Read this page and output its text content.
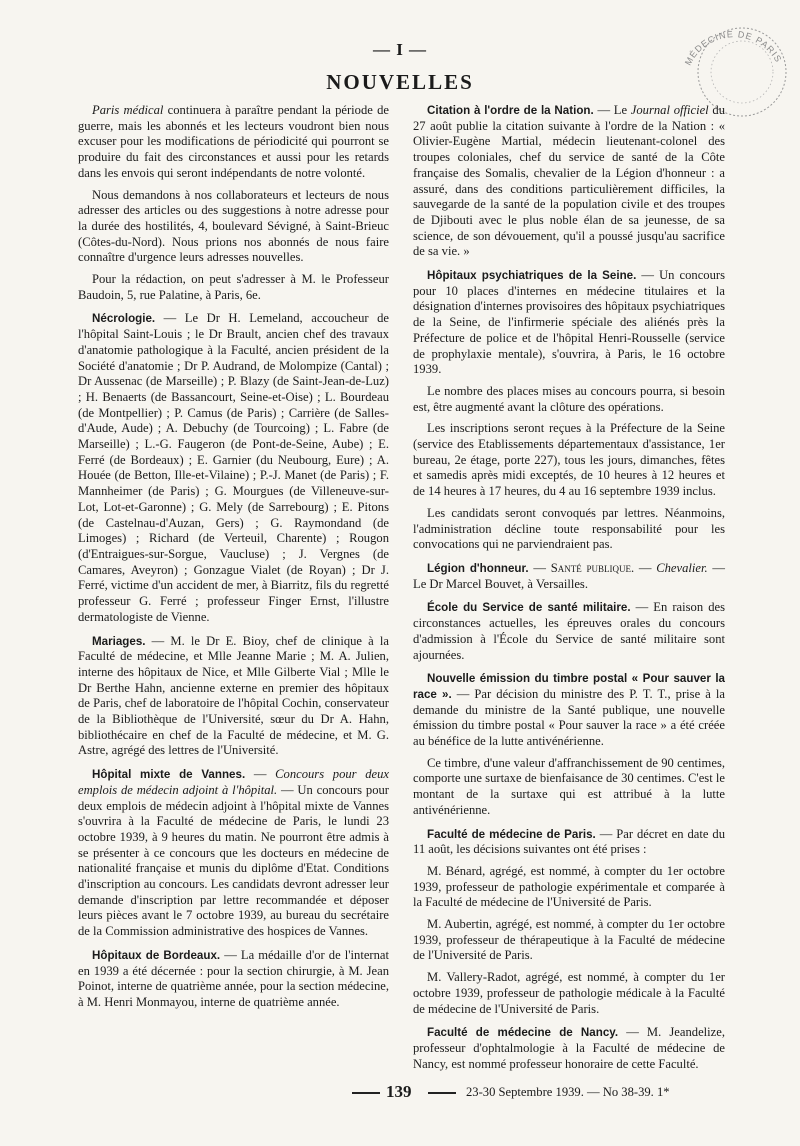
— I —
NOUVELLES
MÉDECINE DE PARIS

Paris médical continuera à paraître pendant la période de guerre, mais les abonnés et les lecteurs voudront bien nous excuser pour les modifications de périodicité qui pourront se produire du fait des circonstances et aussi pour les retards dans les envois qui seront indépendants de notre volonté.

Nous demandons à nos collaborateurs et lecteurs de nous adresser des articles ou des suggestions à notre adresse pour la durée des hostilités, 4, boulevard Sévigné, à Saint-Brieuc (Côtes-du-Nord). Nous prions nos abonnés de nous faire connaître d'urgence leurs adresses nouvelles.

Pour la rédaction, on peut s'adresser à M. le Professeur Baudoin, 5, rue Palatine, à Paris, 6e.

Nécrologie. — Le Dr H. Lemeland, accoucheur de l'hôpital Saint-Louis ; le Dr Brault, ancien chef des travaux d'anatomie pathologique à la Faculté, ancien président de la Société d'anatomie ; Dr P. Audrand, de Molompize (Cantal) ; Dr Aussenac (de Marseille) ; P. Blazy (de Saint-Jean-de-Luz) ; H. Benaerts (de Bassancourt, Seine-et-Oise) ; L. Bourdeau (de Montpellier) ; P. Camus (de Paris) ; Carrière (de Salles-d'Aude, Aude) ; A. Debuchy (de Tourcoing) ; L. Fabre (de Marseille) ; L.-G. Faugeron (de Pont-de-Seine, Aube) ; E. Ferré (de Bordeaux) ; E. Garnier (du Neubourg, Eure) ; A. Houée (de Betton, Ille-et-Vilaine) ; P.-J. Manet (de Paris) ; F. Mannheimer (de Paris) ; G. Mourgues (de Villeneuve-sur-Lot, Lot-et-Garonne) ; G. Mely (de Sarrebourg) ; E. Pitons (de Castelnau-d'Auzan, Gers) ; G. Raymondand (de Limoges) ; Richard (de Verteuil, Charente) ; Rougon (d'Entraigues-sur-Sorgue, Vaucluse) ; J. Vergnes (de Camares, Aveyron) ; Gonzague Vialet (de Royan) ; Dr J. Ferré, victime d'un accident de mer, à Biarritz, fils du regretté professeur G. Ferré ; professeur Finger Ernst, l'illustre dermatologiste de Vienne.

Mariages. — M. le Dr E. Bioy, chef de clinique à la Faculté de médecine, et Mlle Jeanne Marie ; M. A. Julien, interne des hôpitaux de Nice, et Mlle Gilberte Vial ; Mlle le Dr Berthe Hahn, ancienne externe en premier des hôpitaux de Paris, chef de laboratoire de l'hôpital Cochin, conservateur de la Bibliothèque de l'Université, sœur du Dr A. Hahn, bibliothécaire en chef de la Faculté de médecine, et M. G. Astre, agrégé des lettres de l'Université.

Hôpital mixte de Vannes. — Concours pour deux emplois de médecin adjoint à l'hôpital. — Un concours pour deux emplois de médecin adjoint à l'hôpital mixte de Vannes s'ouvrira à la Faculté de médecine de Paris, le lundi 23 octobre 1939, à 9 heures du matin. Ne pourront être admis à se présenter à ce concours que les docteurs en médecine de nationalité française et munis du diplôme d'Etat. Conditions d'inscription au concours. Les candidats devront adresser leur demande d'inscription par lettre recommandée et déposer leurs pièces avant le 7 octobre 1939, au bureau du secrétaire de la Commission administrative des hospices de Vannes.

Hôpitaux de Bordeaux. — La médaille d'or de l'internat en 1939 a été décernée : pour la section chirurgie, à M. Jean Poinot, interne de quatrième année, pour la section médecine, à M. Henri Monmayou, interne de quatrième année.

Citation à l'ordre de la Nation. — Le Journal officiel du 27 août publie la citation suivante à l'ordre de la Nation : « Olivier-Eugène Martial, médecin lieutenant-colonel des troupes coloniales, chef du service de santé de la Côte française des Somalis, chevalier de la Légion d'honneur : a assuré, dans des conditions particulièrement difficiles, la sauvegarde de la santé de la population civile et des troupes de Djibouti avec le plus noble élan de sa jeunesse, de sa science, de son dévouement, qu'il a poussé jusqu'au sacrifice de sa vie. »

Hôpitaux psychiatriques de la Seine. — Un concours pour 10 places d'internes en médecine titulaires et la désignation d'internes provisoires des hôpitaux psychiatriques de la Seine, de l'infirmerie spéciale des aliénés près la Préfecture de police et de l'hôpital Henri-Rousselle (service de prophylaxie mentale), s'ouvrira, à Paris, le 16 octobre 1939.

Le nombre des places mises au concours pourra, si besoin est, être augmenté avant la clôture des opérations.

Les inscriptions seront reçues à la Préfecture de la Seine (service des Etablissements départementaux d'assistance, 1er bureau, 2e étage, porte 227), tous les jours, dimanches, fêtes et samedis après midi exceptés, de 10 heures à 12 heures et de 14 heures à 17 heures, du 4 au 16 septembre 1939 inclus.

Les candidats seront convoqués par lettres. Néanmoins, l'administration décline toute responsabilité pour les convocations qui ne parviendraient pas.

Légion d'honneur. — Santé publique. — Chevalier. — Le Dr Marcel Bouvet, à Versailles.

École du Service de santé militaire. — En raison des circonstances actuelles, les épreuves orales du concours d'admission à l'École du Service de santé militaire sont ajournées.

Nouvelle émission du timbre postal « Pour sauver la race ». — Par décision du ministre des P. T. T., prise à la demande du ministre de la Santé publique, une nouvelle émission du timbre postal « Pour sauver la race » a été créée au bénéfice de la lutte antivénérienne.

Ce timbre, d'une valeur d'affranchissement de 90 centimes, comporte une surtaxe de bienfaisance de 30 centimes. C'est le montant de la surtaxe qui est attribué à la lutte antivénérienne.

Faculté de médecine de Paris. — Par décret en date du 11 août, les décisions suivantes ont été prises :

M. Bénard, agrégé, est nommé, à compter du 1er octobre 1939, professeur de pathologie expérimentale et comparée à la Faculté de médecine de l'Université de Paris.

M. Aubertin, agrégé, est nommé, à compter du 1er octobre 1939, professeur de thérapeutique à la Faculté de médecine de l'Université de Paris.

M. Vallery-Radot, agrégé, est nommé, à compter du 1er octobre 1939, professeur de pathologie médicale à la Faculté de médecine de l'Université de Paris.

Faculté de médecine de Nancy. — M. Jeandelize, professeur d'ophtalmologie à la Faculté de médecine de Nancy, est nommé professeur honoraire de cette Faculté.

139	23-30 Septembre 1939. — No 38-39. 1*
